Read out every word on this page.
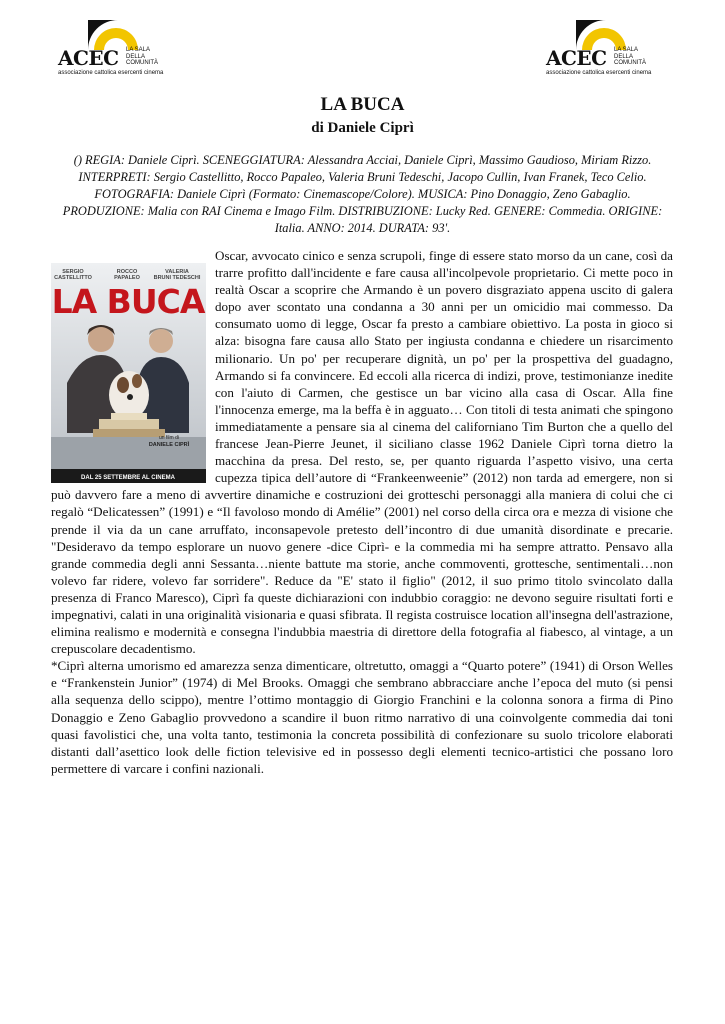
ACEC LA SALA
DELLA
COMUNITÀ
associazione cattolica esercenti cinema
ACEC LA SALA
DELLA
COMUNITÀ
associazione cattolica esercenti cinema
LA BUCA
di Daniele Ciprì

() REGIA: Daniele Ciprì. SCENEGGIATURA: Alessandra Acciai, Daniele Ciprì, Massimo Gaudioso, Miriam Rizzo. INTERPRETI: Sergio Castellitto, Rocco Papaleo, Valeria Bruni Tedeschi, Jacopo Cullin, Ivan Franek, Teco Celio. FOTOGRAFIA: Daniele Ciprì (Formato: Cinemascope/Colore). MUSICA: Pino Donaggio, Zeno Gabaglio. PRODUZIONE: Malia con RAI Cinema e Imago Film. DISTRIBUZIONE: Lucky Red. GENERE: Commedia. ORIGINE: Italia. ANNO: 2014. DURATA: 93'.

SERGIO
CASTELLITTO
ROCCO
PAPALEO
VALERIA
BRUNI TEDESCHI
LA BUCA
un film di
DANIELE CIPRÌ
DAL 25 SETTEMBRE AL CINEMA

Oscar, avvocato cinico e senza scrupoli, finge di essere stato morso da un cane, così da trarre profitto dall'incidente e fare causa all'incolpevole proprietario. Ci mette poco in realtà Oscar a scoprire che Armando è un povero disgraziato appena uscito di galera dopo aver scontato una condanna a 30 anni per un omicidio mai commesso. Da consumato uomo di legge, Oscar fa presto a cambiare obiettivo. La posta in gioco si alza: bisogna fare causa allo Stato per ingiusta condanna e chiedere un risarcimento milionario. Un po' per recuperare dignità, un po' per la prospettiva del guadagno, Armando si fa convincere. Ed eccoli alla ricerca di indizi, prove, testimonianze inedite con l'aiuto di Carmen, che gestisce un bar vicino alla casa di Oscar. Alla fine l'innocenza emerge, ma la beffa è in agguato… Con titoli di testa animati che spingono immediatamente a pensare sia al cinema del californiano Tim Burton che a quello del francese Jean-Pierre Jeunet, il siciliano classe 1962 Daniele Ciprì torna dietro la macchina da presa. Del resto, se, per quanto riguarda l’aspetto visivo, una certa cupezza tipica dell’autore di “Frankeenweenie” (2012) non tarda ad emergere, non si può davvero fare a meno di avvertire dinamiche e costruzioni dei grotteschi personaggi alla maniera di colui che ci regalò “Delicatessen” (1991) e “Il favoloso mondo di Amélie” (2001) nel corso della circa ora e mezza di visione che prende il via da un cane arruffato, inconsapevole pretesto dell’incontro di due umanità disordinate e precarie. "Desideravo da tempo esplorare un nuovo genere -dice Ciprì- e la commedia mi ha sempre attratto. Pensavo alla grande commedia degli anni Sessanta…niente battute ma storie, anche commoventi, grottesche, sentimentali…non volevo far ridere, volevo far sorridere". Reduce da "E' stato il figlio" (2012, il suo primo titolo svincolato dalla presenza di Franco Maresco), Ciprì fa queste dichiarazioni con indubbio coraggio: ne devono seguire risultati forti e impegnativi, calati in una originalità visionaria e quasi sfibrata. Il regista costruisce location all'insegna dell'astrazione, elimina realismo e modernità e consegna l'indubbia maestria di direttore della fotografia al fiabesco, al vintage, a un crepuscolare decadentismo.

*Ciprì alterna umorismo ed amarezza senza dimenticare, oltretutto, omaggi a “Quarto potere” (1941) di Orson Welles e “Frankenstein Junior” (1974) di Mel Brooks. Omaggi che sembrano abbracciare anche l’epoca del muto (si pensi alla sequenza dello scippo), mentre l’ottimo montaggio di Giorgio Franchini e la colonna sonora a firma di Pino Donaggio e Zeno Gabaglio provvedono a scandire il buon ritmo narrativo di una coinvolgente commedia dai toni quasi favolistici che, una volta tanto, testimonia la concreta possibilità di confezionare su suolo tricolore elaborati distanti dall’asettico look delle fiction televisive ed in possesso degli elementi tecnico-artistici che possano loro permettere di varcare i confini nazionali.
